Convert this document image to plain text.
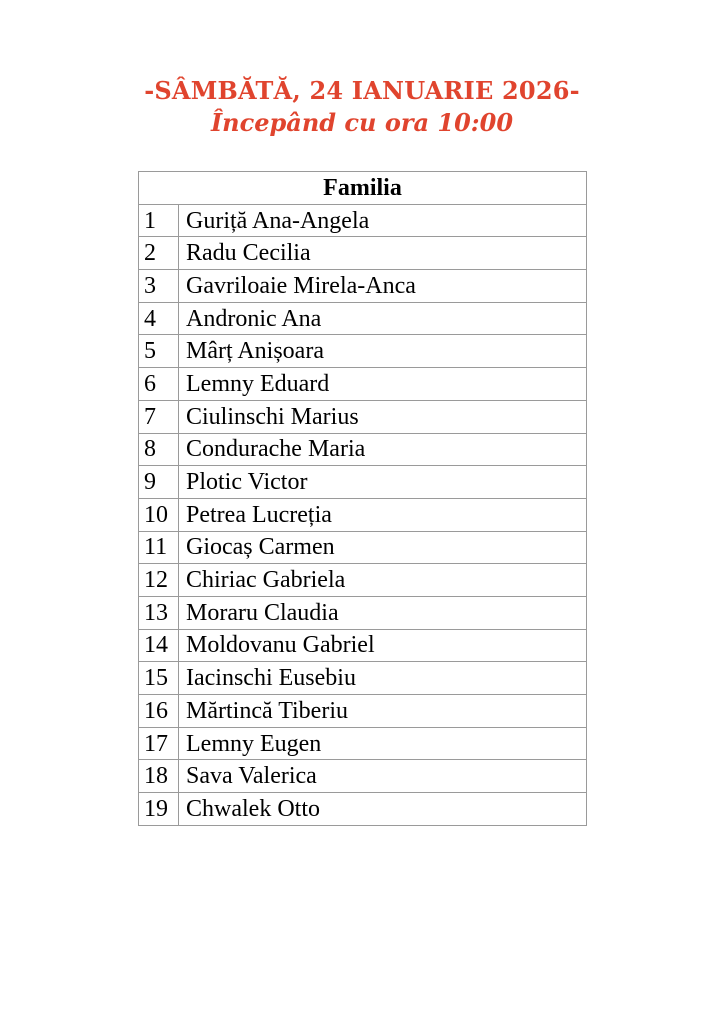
-SÂMBĂTĂ, 24 IANUARIE 2026-
Începând cu ora 10:00
Familia	
1	Guriță Ana-Angela
2	Radu Cecilia
3	Gavriloaie Mirela-Anca
4	Andronic Ana
5	Mârț Anișoara
6	Lemny Eduard
7	Ciulinschi Marius
8	Condurache Maria
9	Plotic Victor
10	Petrea Lucreția
11	Giocaș Carmen
12	Chiriac Gabriela
13	Moraru Claudia
14	Moldovanu Gabriel
15	Iacinschi Eusebiu
16	Mărtincă Tiberiu
17	Lemny Eugen
18	Sava Valerica
19	Chwalek Otto
